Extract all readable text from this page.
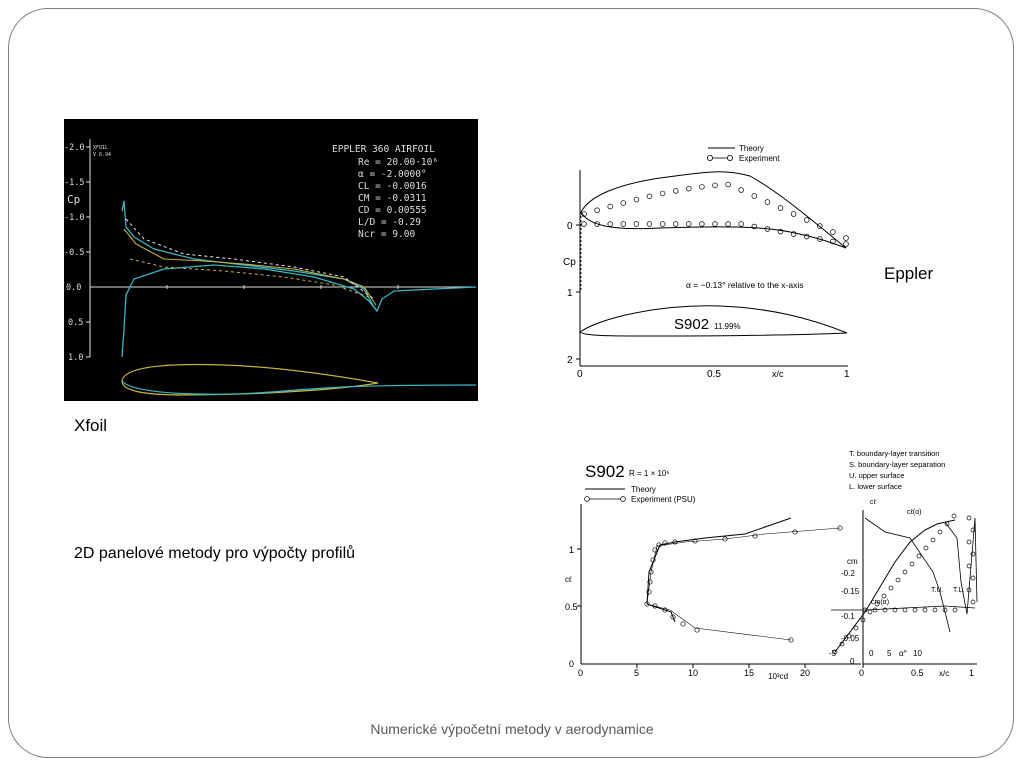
-2.0
-1.5
-1.0
-0.5
0.0
0.5
1.0
Cp
XFOIL
V 6.94	EPPLER 360 AIRFOIL
Re = 20.00·10⁶
α = -2.0000°
CL = -0.0016
CM = -0.0311
CD = 0.00555
L/D = -0.29
Ncr = 9.00
Theory
Experiment
0
1
2
Cp
0	0.5	1
x/c
α = −0.13° relative to the x-axis
S902 11.99%
S902 R = 1 × 10⁶
Theory
Experiment (PSU)
T. boundary-layer transition
S. boundary-layer separation
U. upper surface
L. lower surface
0
0.5
1
cℓ
0	5	10	15	20
10³cd
cℓ
cm
-0.2
-0.15
-0.1
-0.05
0
0	0.5	1
x/c
-5	0 5 α° 10
cℓ(α)
cm(α)
T.U. T.L.
Xfoil
Eppler
2D panelové metody pro výpočty profilů
Numerické výpočetní metody v aerodynamice
